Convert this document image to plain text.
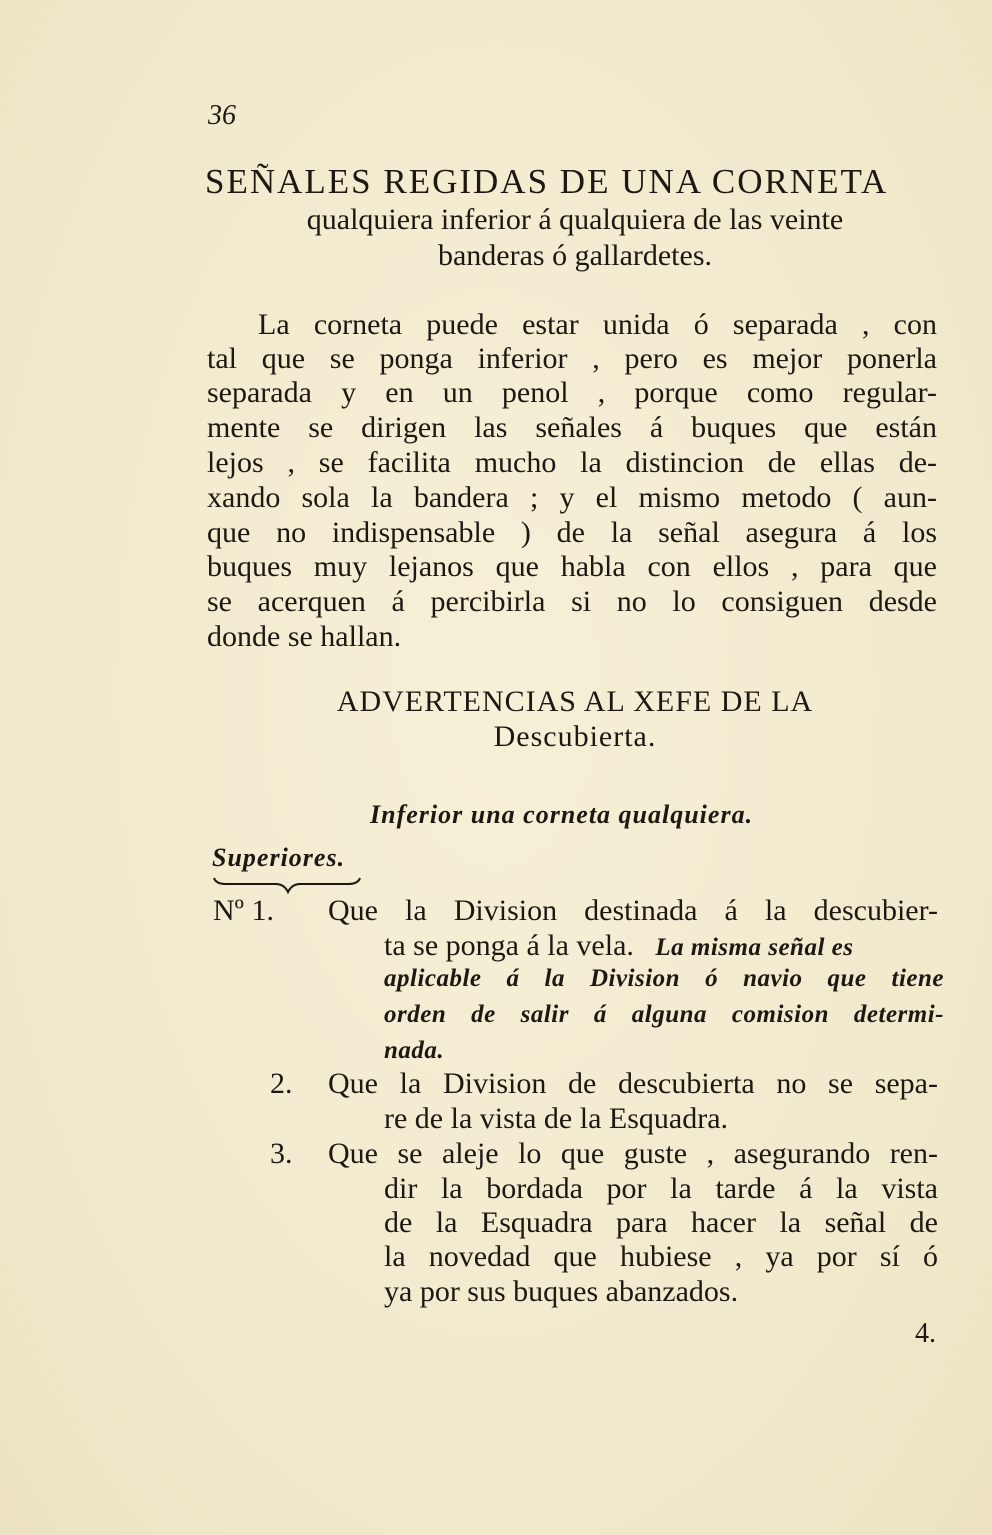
36
SEÑALES REGIDAS DE UNA CORNETA
qualquiera inferior á qualquiera de las veinte
banderas ó gallardetes.
La corneta puede estar unida ó separada , con
tal que se ponga inferior , pero es mejor ponerla
separada y en un penol , porque como regular-
mente se dirigen las señales á buques que están
lejos , se facilita mucho la distincion de ellas de-
xando sola la bandera ; y el mismo metodo ( aun-
que no indispensable ) de la señal asegura á los
buques muy lejanos que habla con ellos , para que
se acerquen á percibirla si no lo consiguen desde
donde se hallan.
ADVERTENCIAS AL XEFE DE LA
Descubierta.
Inferior una corneta qualquiera.
Superiores.
Nº 1. Que la Division destinada á la descubier-
ta se ponga á la vela. La misma señal es
aplicable á la Division ó navio que tiene
orden de salir á alguna comision determi-
nada.
2. Que la Division de descubierta no se sepa-
re de la vista de la Esquadra.
3. Que se aleje lo que guste , asegurando ren-
dir la bordada por la tarde á la vista
de la Esquadra para hacer la señal de
la novedad que hubiese , ya por sí ó
ya por sus buques abanzados.
4.
